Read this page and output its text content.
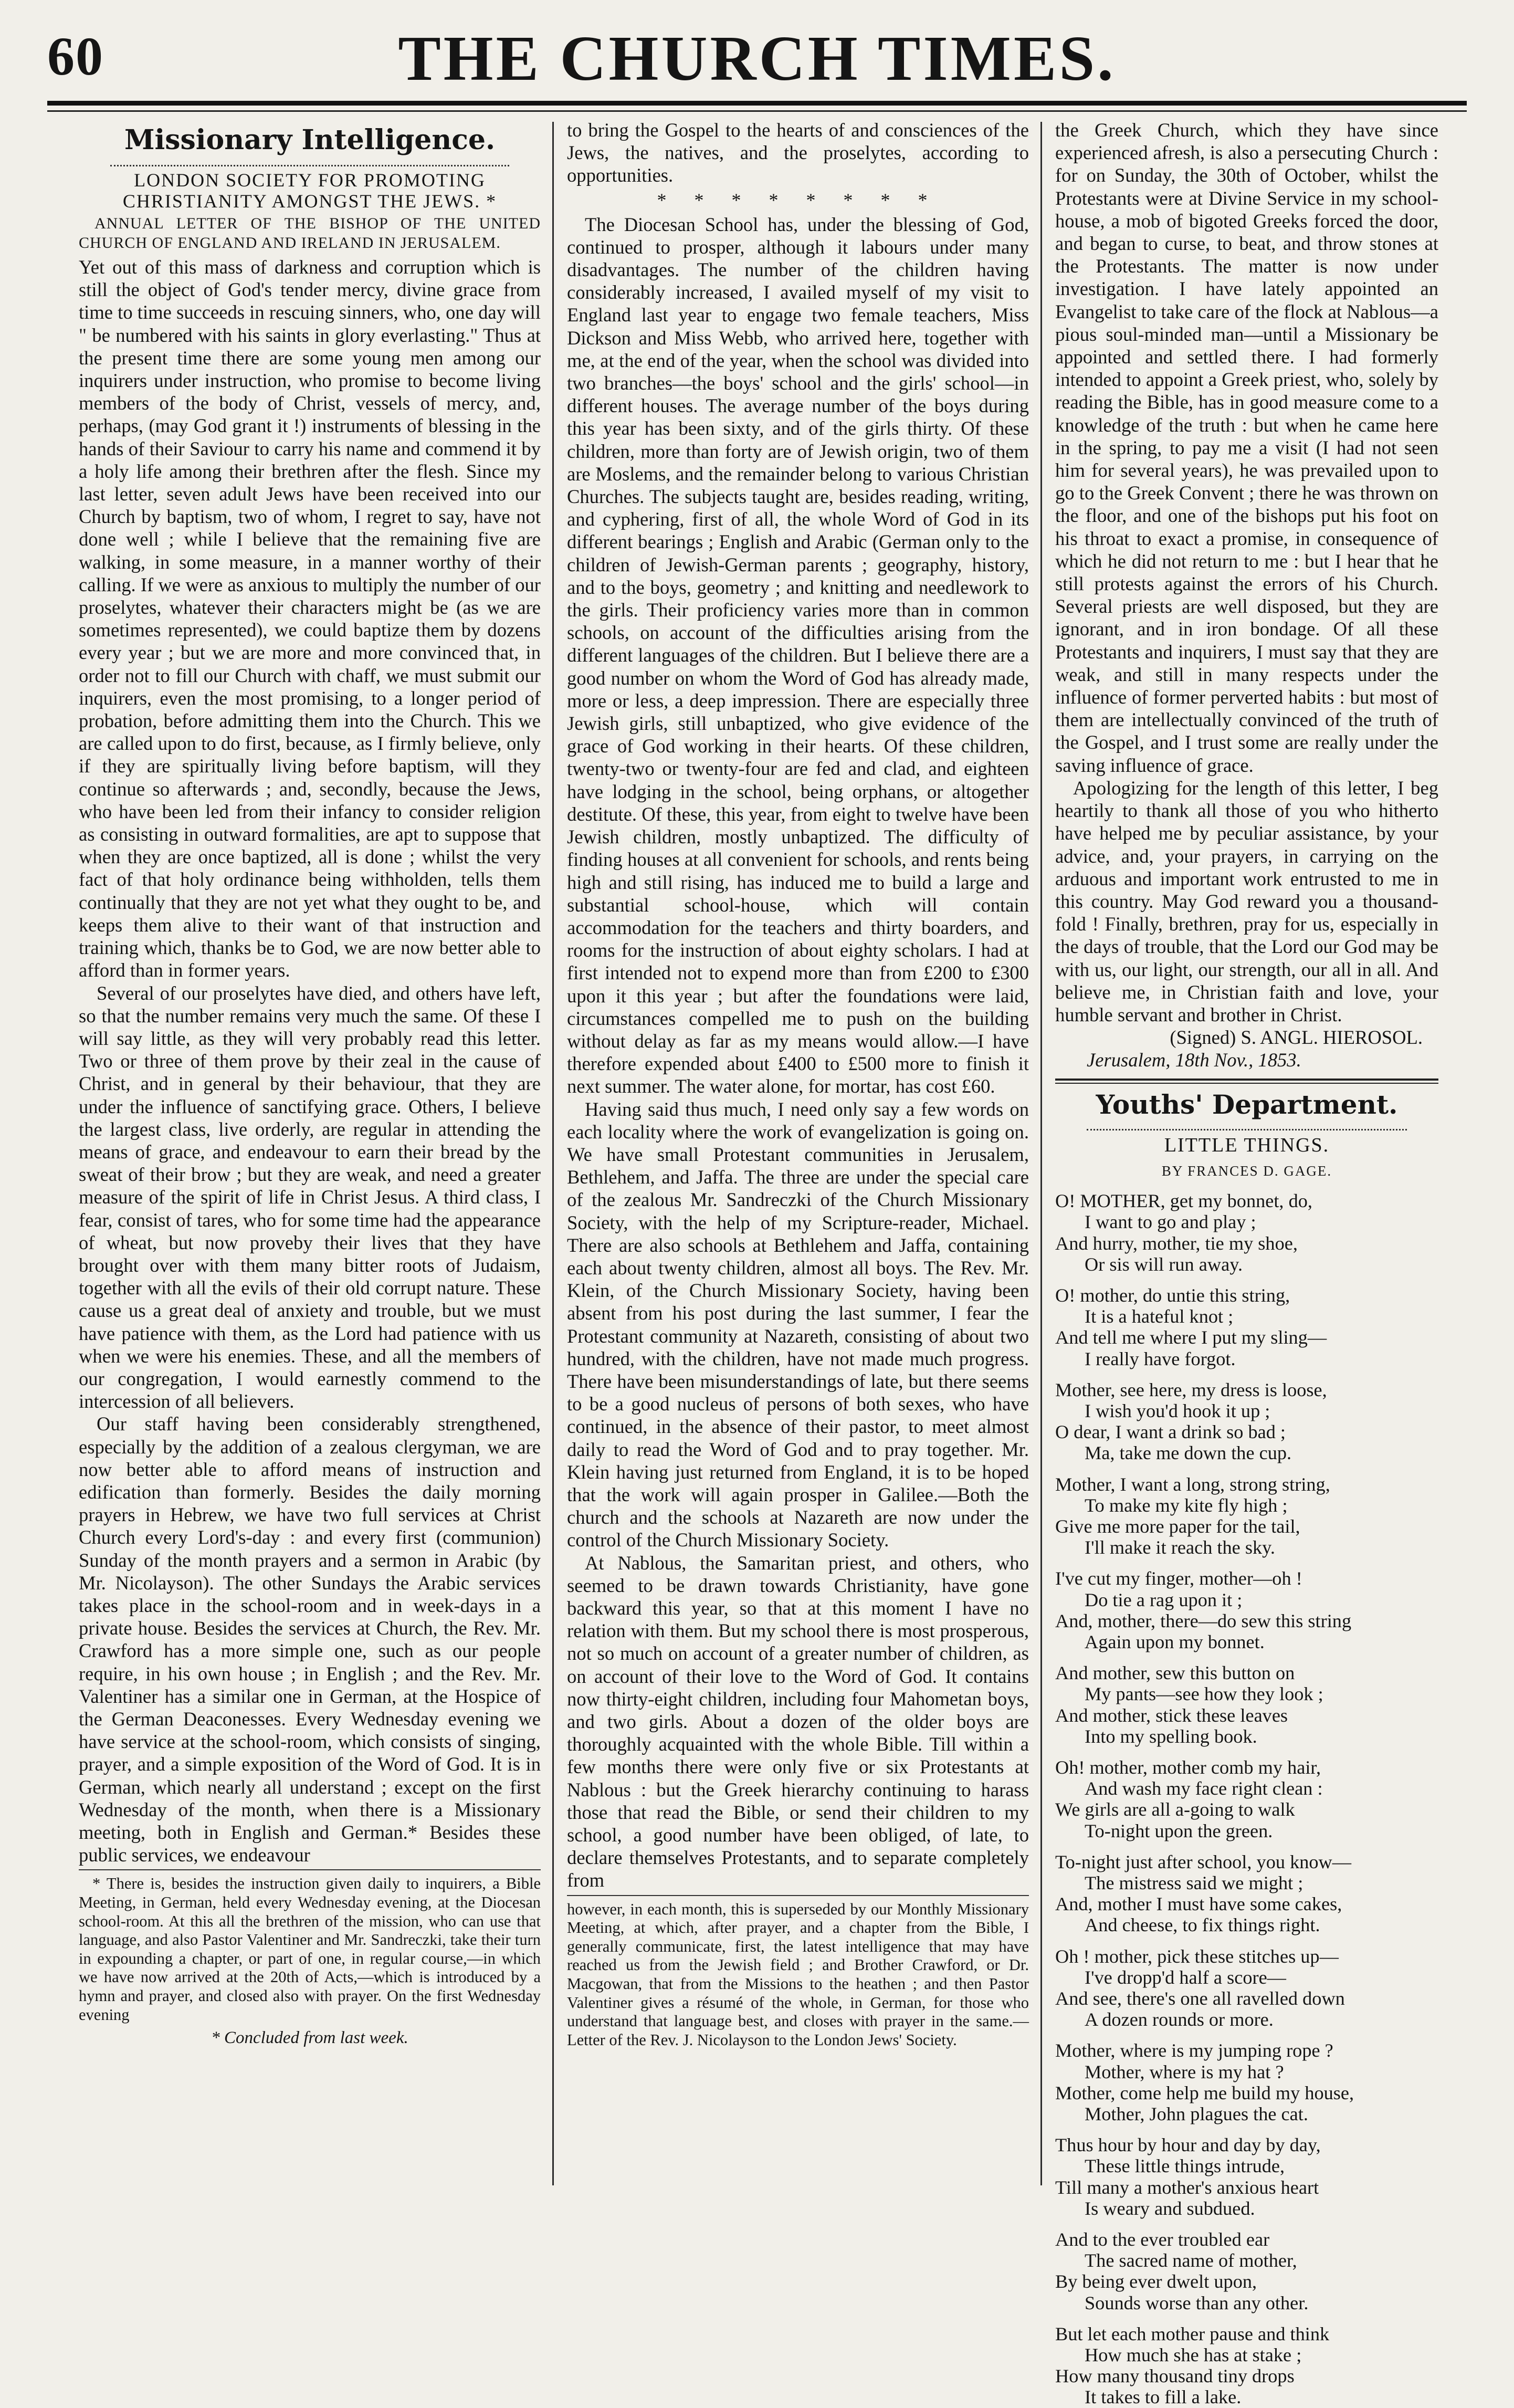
60	THE CHURCH TIMES.
Missionary Intelligence.
LONDON SOCIETY FOR PROMOTING CHRISTIANITY AMONGST THE JEWS. *
ANNUAL LETTER OF THE BISHOP OF THE UNITED CHURCH OF ENGLAND AND IRELAND IN JERUSALEM.

Yet out of this mass of darkness and corruption which is still the object of God's tender mercy, divine grace from time to time succeeds in rescuing sinners, who, one day will " be numbered with his saints in glory everlasting." Thus at the present time there are some young men among our inquirers under instruction, who promise to become living members of the body of Christ, vessels of mercy, and, perhaps, (may God grant it !) instruments of blessing in the hands of their Saviour to carry his name and commend it by a holy life among their brethren after the flesh. Since my last letter, seven adult Jews have been received into our Church by baptism, two of whom, I regret to say, have not done well ; while I believe that the remaining five are walking, in some measure, in a manner worthy of their calling. If we were as anxious to multiply the number of our proselytes, whatever their characters might be (as we are sometimes represented), we could baptize them by dozens every year ; but we are more and more convinced that, in order not to fill our Church with chaff, we must submit our inquirers, even the most promising, to a longer period of probation, before admitting them into the Church. This we are called upon to do first, because, as I firmly believe, only if they are spiritually living before baptism, will they continue so afterwards ; and, secondly, because the Jews, who have been led from their infancy to consider religion as consisting in outward formalities, are apt to suppose that when they are once baptized, all is done ; whilst the very fact of that holy ordinance being withholden, tells them continually that they are not yet what they ought to be, and keeps them alive to their want of that instruction and training which, thanks be to God, we are now better able to afford than in former years.

Several of our proselytes have died, and others have left, so that the number remains very much the same. Of these I will say little, as they will very probably read this letter. Two or three of them prove by their zeal in the cause of Christ, and in general by their behaviour, that they are under the influence of sanctifying grace. Others, I believe the largest class, live orderly, are regular in attending the means of grace, and endeavour to earn their bread by the sweat of their brow ; but they are weak, and need a greater measure of the spirit of life in Christ Jesus. A third class, I fear, consist of tares, who for some time had the appearance of wheat, but now proveby their lives that they have brought over with them many bitter roots of Judaism, together with all the evils of their old corrupt nature. These cause us a great deal of anxiety and trouble, but we must have patience with them, as the Lord had patience with us when we were his enemies. These, and all the members of our congregation, I would earnestly commend to the intercession of all believers.

Our staff having been considerably strengthened, especially by the addition of a zealous clergyman, we are now better able to afford means of instruction and edification than formerly. Besides the daily morning prayers in Hebrew, we have two full services at Christ Church every Lord's-day : and every first (communion) Sunday of the month prayers and a sermon in Arabic (by Mr. Nicolayson). The other Sundays the Arabic services takes place in the school-room and in week-days in a private house. Besides the services at Church, the Rev. Mr. Crawford has a more simple one, such as our people require, in his own house ; in English ; and the Rev. Mr. Valentiner has a similar one in German, at the Hospice of the German Deaconesses. Every Wednesday evening we have service at the school-room, which consists of singing, prayer, and a simple exposition of the Word of God. It is in German, which nearly all understand ; except on the first Wednesday of the month, when there is a Missionary meeting, both in English and German.* Besides these public services, we endeavour

* There is, besides the instruction given daily to inquirers, a Bible Meeting, in German, held every Wednesday evening, at the Diocesan school-room. At this all the brethren of the mission, who can use that language, and also Pastor Valentiner and Mr. Sandreczki, take their turn in expounding a chapter, or part of one, in regular course,—in which we have now arrived at the 20th of Acts,—which is introduced by a hymn and prayer, and closed also with prayer. On the first Wednesday evening

* Concluded from last week.

to bring the Gospel to the hearts of and consciences of the Jews, the natives, and the proselytes, according to opportunities.

* * * * * * * *

The Diocesan School has, under the blessing of God, continued to prosper, although it labours under many disadvantages. The number of the children having considerably increased, I availed myself of my visit to England last year to engage two female teachers, Miss Dickson and Miss Webb, who arrived here, together with me, at the end of the year, when the school was divided into two branches—the boys' school and the girls' school—in different houses. The average number of the boys during this year has been sixty, and of the girls thirty. Of these children, more than forty are of Jewish origin, two of them are Moslems, and the remainder belong to various Christian Churches. The subjects taught are, besides reading, writing, and cyphering, first of all, the whole Word of God in its different bearings ; English and Arabic (German only to the children of Jewish-German parents ; geography, history, and to the boys, geometry ; and knitting and needlework to the girls. Their proficiency varies more than in common schools, on account of the difficulties arising from the different languages of the children. But I believe there are a good number on whom the Word of God has already made, more or less, a deep impression. There are especially three Jewish girls, still unbaptized, who give evidence of the grace of God working in their hearts. Of these children, twenty-two or twenty-four are fed and clad, and eighteen have lodging in the school, being orphans, or altogether destitute. Of these, this year, from eight to twelve have been Jewish children, mostly unbaptized. The difficulty of finding houses at all convenient for schools, and rents being high and still rising, has induced me to build a large and substantial school-house, which will contain accommodation for the teachers and thirty boarders, and rooms for the instruction of about eighty scholars. I had at first intended not to expend more than from £200 to £300 upon it this year ; but after the foundations were laid, circumstances compelled me to push on the building without delay as far as my means would allow.—I have therefore expended about £400 to £500 more to finish it next summer. The water alone, for mortar, has cost £60.

Having said thus much, I need only say a few words on each locality where the work of evangelization is going on. We have small Protestant communities in Jerusalem, Bethlehem, and Jaffa. The three are under the special care of the zealous Mr. Sandreczki of the Church Missionary Society, with the help of my Scripture-reader, Michael. There are also schools at Bethlehem and Jaffa, containing each about twenty children, almost all boys. The Rev. Mr. Klein, of the Church Missionary Society, having been absent from his post during the last summer, I fear the Protestant community at Nazareth, consisting of about two hundred, with the children, have not made much progress. There have been misunderstandings of late, but there seems to be a good nucleus of persons of both sexes, who have continued, in the absence of their pastor, to meet almost daily to read the Word of God and to pray together. Mr. Klein having just returned from England, it is to be hoped that the work will again prosper in Galilee.—Both the church and the schools at Nazareth are now under the control of the Church Missionary Society.

At Nablous, the Samaritan priest, and others, who seemed to be drawn towards Christianity, have gone backward this year, so that at this moment I have no relation with them. But my school there is most prosperous, not so much on account of a greater number of children, as on account of their love to the Word of God. It contains now thirty-eight children, including four Mahometan boys, and two girls. About a dozen of the older boys are thoroughly acquainted with the whole Bible. Till within a few months there were only five or six Protestants at Nablous : but the Greek hierarchy continuing to harass those that read the Bible, or send their children to my school, a good number have been obliged, of late, to declare themselves Protestants, and to separate completely from

however, in each month, this is superseded by our Monthly Missionary Meeting, at which, after prayer, and a chapter from the Bible, I generally communicate, first, the latest intelligence that may have reached us from the Jewish field ; and Brother Crawford, or Dr. Macgowan, that from the Missions to the heathen ; and then Pastor Valentiner gives a résumé of the whole, in German, for those who understand that language best, and closes with prayer in the same.—Letter of the Rev. J. Nicolayson to the London Jews' Society.

the Greek Church, which they have since experienced afresh, is also a persecuting Church : for on Sunday, the 30th of October, whilst the Protestants were at Divine Service in my school-house, a mob of bigoted Greeks forced the door, and began to curse, to beat, and throw stones at the Protestants. The matter is now under investigation. I have lately appointed an Evangelist to take care of the flock at Nablous—a pious soul-minded man—until a Missionary be appointed and settled there. I had formerly intended to appoint a Greek priest, who, solely by reading the Bible, has in good measure come to a knowledge of the truth : but when he came here in the spring, to pay me a visit (I had not seen him for several years), he was prevailed upon to go to the Greek Convent ; there he was thrown on the floor, and one of the bishops put his foot on his throat to exact a promise, in consequence of which he did not return to me : but I hear that he still protests against the errors of his Church. Several priests are well disposed, but they are ignorant, and in iron bondage. Of all these Protestants and inquirers, I must say that they are weak, and still in many respects under the influence of former perverted habits : but most of them are intellectually convinced of the truth of the Gospel, and I trust some are really under the saving influence of grace.

Apologizing for the length of this letter, I beg heartily to thank all those of you who hitherto have helped me by peculiar assistance, by your advice, and, your prayers, in carrying on the arduous and important work entrusted to me in this country. May God reward you a thousand-fold ! Finally, brethren, pray for us, especially in the days of trouble, that the Lord our God may be with us, our light, our strength, our all in all. And believe me, in Christian faith and love, your humble servant and brother in Christ.

(Signed) S. ANGL. HIEROSOL.
Jerusalem, 18th Nov., 1853.
Youths' Department.
LITTLE THINGS.
BY FRANCES D. GAGE.
O! MOTHER, get my bonnet, do,
I want to go and play ;
And hurry, mother, tie my shoe,
Or sis will run away.
O! mother, do untie this string,
It is a hateful knot ;
And tell me where I put my sling—
I really have forgot.
Mother, see here, my dress is loose,
I wish you'd hook it up ;
O dear, I want a drink so bad ;
Ma, take me down the cup.
Mother, I want a long, strong string,
To make my kite fly high ;
Give me more paper for the tail,
I'll make it reach the sky.
I've cut my finger, mother—oh !
Do tie a rag upon it ;
And, mother, there—do sew this string
Again upon my bonnet.
And mother, sew this button on
My pants—see how they look ;
And mother, stick these leaves
Into my spelling book.
Oh! mother, mother comb my hair,
And wash my face right clean :
We girls are all a-going to walk
To-night upon the green.
To-night just after school, you know—
The mistress said we might ;
And, mother I must have some cakes,
And cheese, to fix things right.
Oh ! mother, pick these stitches up—
I've dropp'd half a score—
And see, there's one all ravelled down
A dozen rounds or more.
Mother, where is my jumping rope ?
Mother, where is my hat ?
Mother, come help me build my house,
Mother, John plagues the cat.
Thus hour by hour and day by day,
These little things intrude,
Till many a mother's anxious heart
Is weary and subdued.
And to the ever troubled ear
The sacred name of mother,
By being ever dwelt upon,
Sounds worse than any other.
But let each mother pause and think
How much she has at stake ;
How many thousand tiny drops
It takes to fill a lake.
